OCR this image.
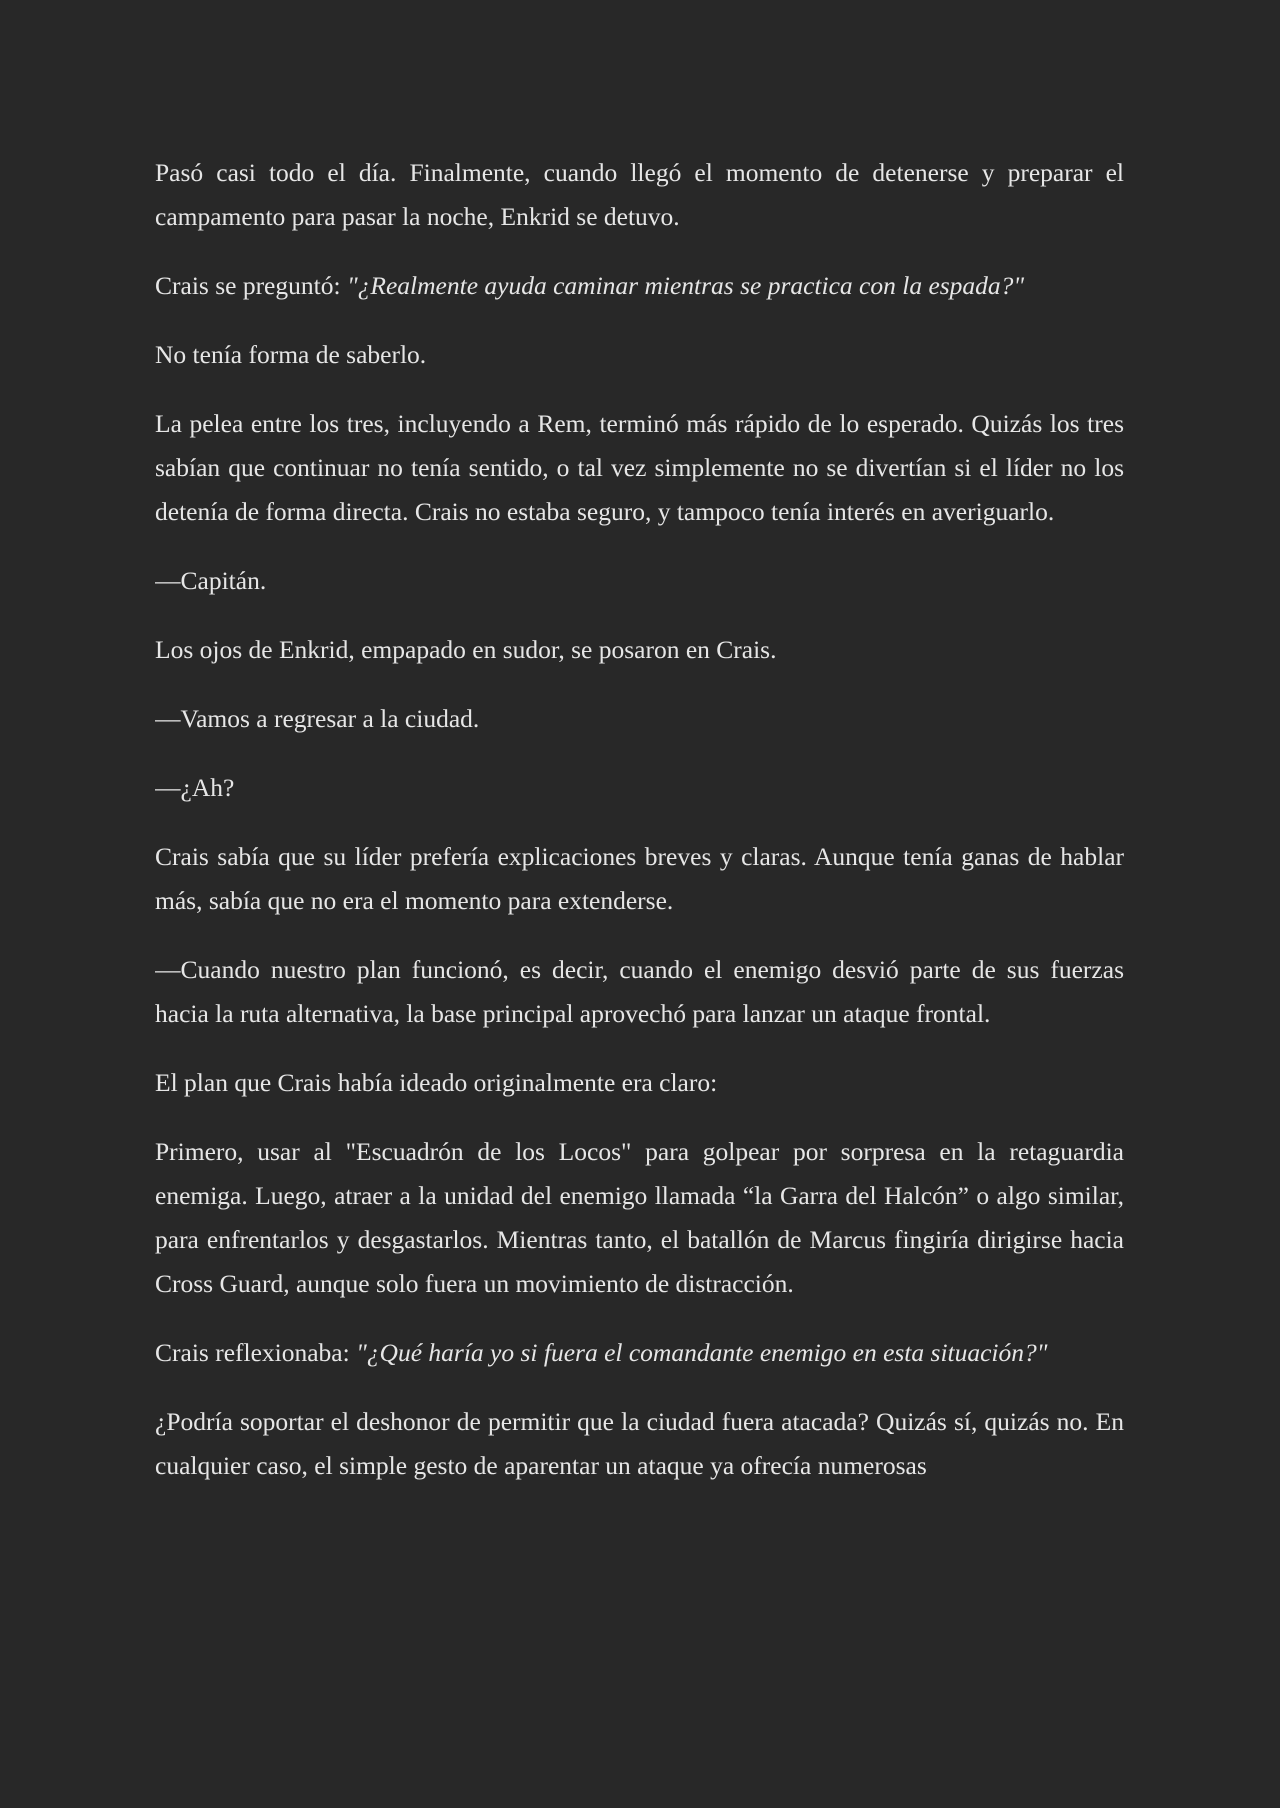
Pasó casi todo el día. Finalmente, cuando llegó el momento de detenerse y preparar el campamento para pasar la noche, Enkrid se detuvo.

Crais se preguntó: "¿Realmente ayuda caminar mientras se practica con la espada?"

No tenía forma de saberlo.

La pelea entre los tres, incluyendo a Rem, terminó más rápido de lo esperado. Quizás los tres sabían que continuar no tenía sentido, o tal vez simplemente no se divertían si el líder no los detenía de forma directa. Crais no estaba seguro, y tampoco tenía interés en averiguarlo.

—Capitán.

Los ojos de Enkrid, empapado en sudor, se posaron en Crais.

—Vamos a regresar a la ciudad.

—¿Ah?

Crais sabía que su líder prefería explicaciones breves y claras. Aunque tenía ganas de hablar más, sabía que no era el momento para extenderse.

—Cuando nuestro plan funcionó, es decir, cuando el enemigo desvió parte de sus fuerzas hacia la ruta alternativa, la base principal aprovechó para lanzar un ataque frontal.

El plan que Crais había ideado originalmente era claro:

Primero, usar al "Escuadrón de los Locos" para golpear por sorpresa en la retaguardia enemiga. Luego, atraer a la unidad del enemigo llamada “la Garra del Halcón” o algo similar, para enfrentarlos y desgastarlos. Mientras tanto, el batallón de Marcus fingiría dirigirse hacia Cross Guard, aunque solo fuera un movimiento de distracción.

Crais reflexionaba: "¿Qué haría yo si fuera el comandante enemigo en esta situación?"

¿Podría soportar el deshonor de permitir que la ciudad fuera atacada? Quizás sí, quizás no. En cualquier caso, el simple gesto de aparentar un ataque ya ofrecía numerosas
